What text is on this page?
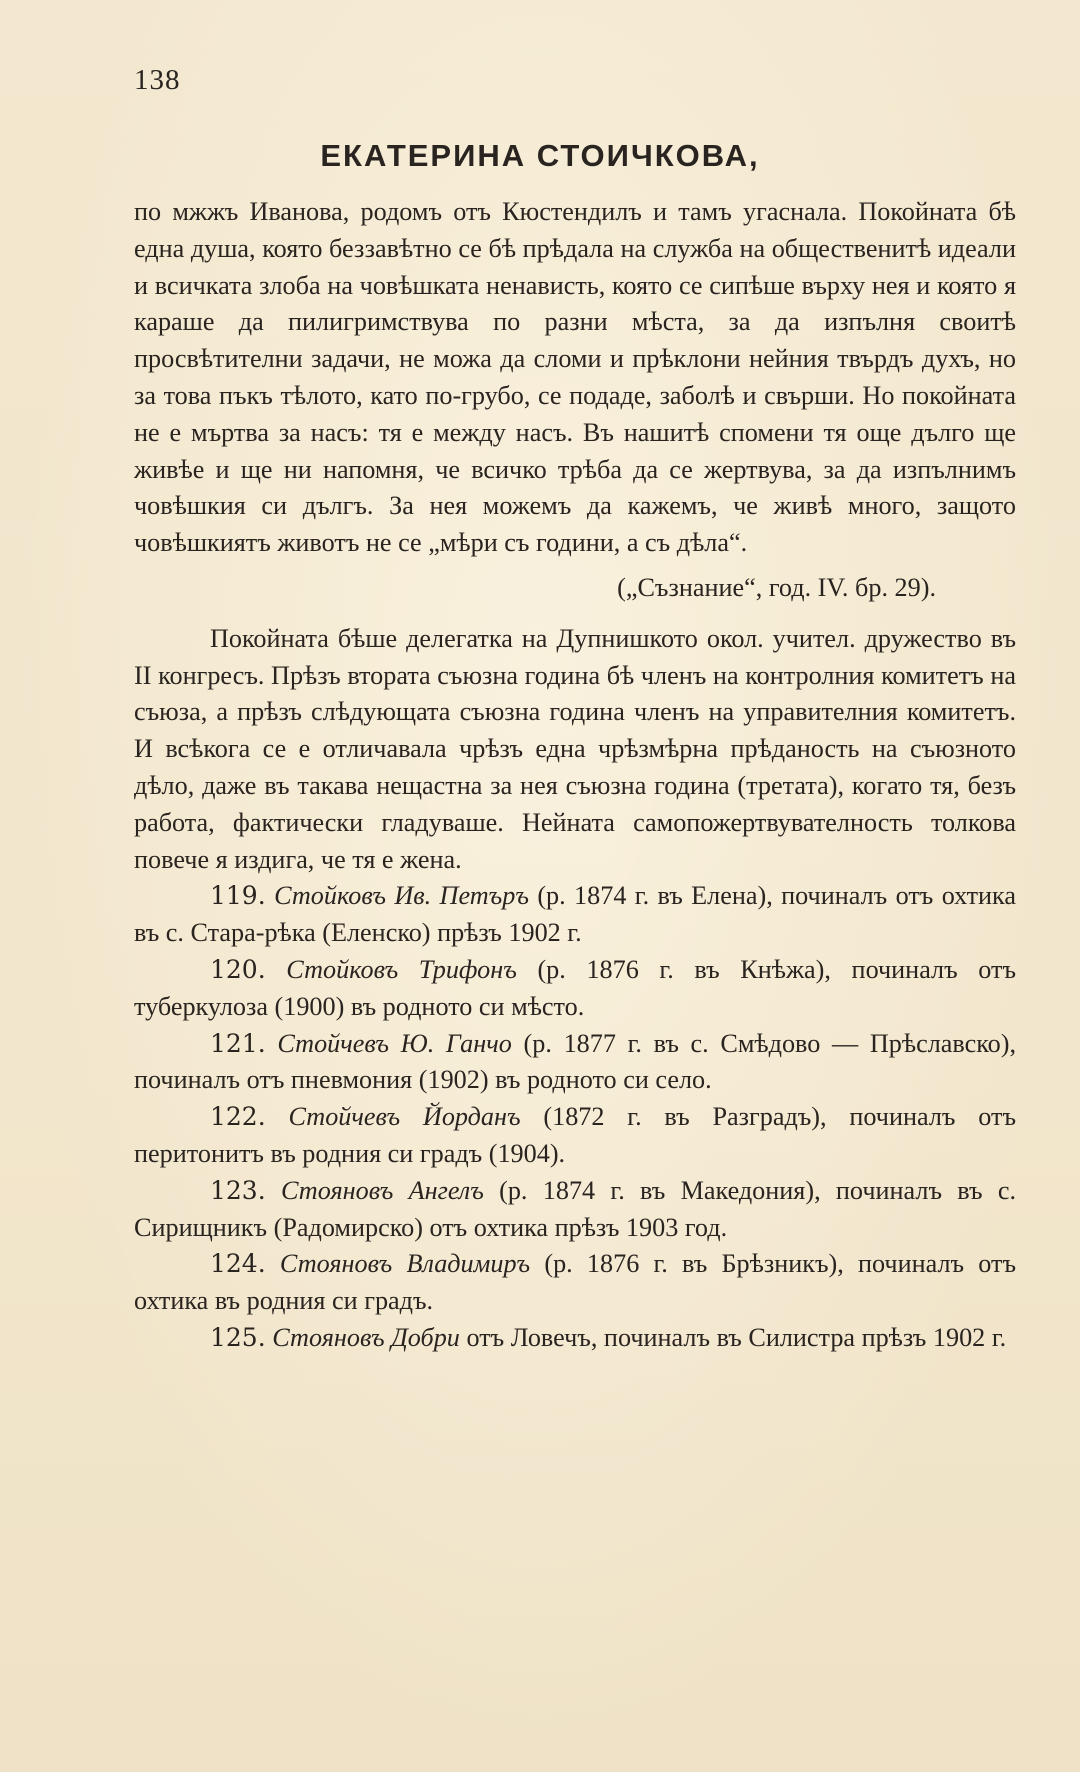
138
ЕКАТЕРИНА СТОИЧКОВА,

по мжжъ Иванова, родомъ отъ Кюстендилъ и тамъ угаснала. Покойната бѣ една душа, която беззавѣтно се бѣ прѣдала на служба на общественитѣ идеали и всичката злоба на човѣшката ненависть, която се сипѣше върху нея и която я караше да пилигримствува по разни мѣста, за да изпълня своитѣ просвѣтителни задачи, не можа да сломи и прѣклони нейния твърдъ духъ, но за това пъкъ тѣлото, като по-грубо, се подаде, заболѣ и свърши. Но покойната не е мъртва за насъ: тя е между насъ. Въ нашитѣ спомени тя още дълго ще живѣе и ще ни напомня, че всичко трѣба да се жертвува, за да изпълнимъ човѣшкия си дългъ. За нея можемъ да кажемъ, че живѣ много, защото човѣшкиятъ животъ не се „мѣри съ години, а съ дѣла“.

(„Съзнание“, год. IV. бр. 29).

Покойната бѣше делегатка на Дупнишкото окол. учител. дружество въ II конгресъ. Прѣзъ втората съюзна година бѣ членъ на контролния комитетъ на съюза, а прѣзъ слѣдующата съюзна година членъ на управителния комитетъ. И всѣкога се е отличавала чрѣзъ една чрѣзмѣрна прѣданость на съюзното дѣло, даже въ такава нещастна за нея съюзна година (третата), когато тя, безъ работа, фактически гладуваше. Нейната самопожертвувателность толкова повече я издига, че тя е жена.

119. Стойковъ Ив. Петъръ (р. 1874 г. въ Елена), починалъ отъ охтика въ с. Стара-рѣка (Еленско) прѣзъ 1902 г.

120. Стойковъ Трифонъ (р. 1876 г. въ Кнѣжа), починалъ отъ туберкулоза (1900) въ родното си мѣсто.

121. Стойчевъ Ю. Ганчо (р. 1877 г. въ с. Смѣдово — Прѣславско), починалъ отъ пневмония (1902) въ родното си село.

122. Стойчевъ Йорданъ (1872 г. въ Разградъ), починалъ отъ перитонитъ въ родния си градъ (1904).

123. Стояновъ Ангелъ (р. 1874 г. въ Македония), починалъ въ с. Сирищникъ (Радомирско) отъ охтика прѣзъ 1903 год.

124. Стояновъ Владимиръ (р. 1876 г. въ Брѣзникъ), починалъ отъ охтика въ родния си градъ.

125. Стояновъ Добри отъ Ловечъ, починалъ въ Силистра прѣзъ 1902 г.
